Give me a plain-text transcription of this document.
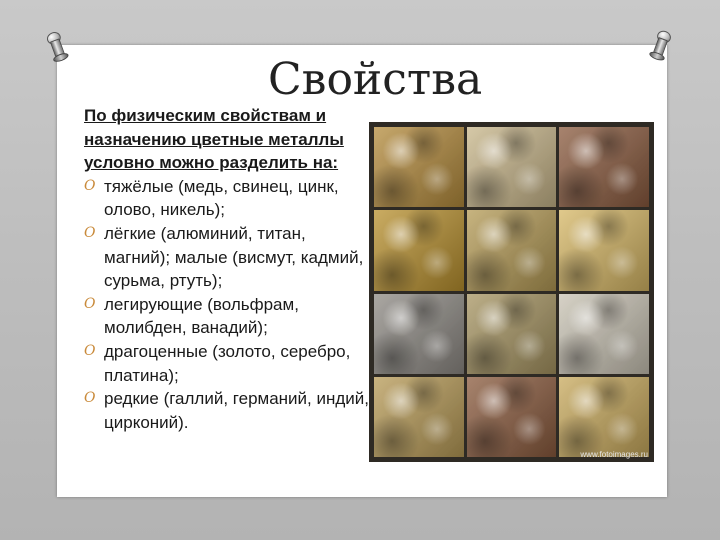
Свойства

По физическим свойствам и назначению цветные металлы условно можно разделить на:

O тяжёлые (медь, свинец, цинк, олово, никель);
O лёгкие (алюминий, титан, магний); малые (висмут, кадмий, сурьма, ртуть);
O легирующие (вольфрам, молибден, ванадий);
O драгоценные (золото, серебро, платина);
O редкие (галлий, германий, индий, цирконий).
www.fotoimages.ru
